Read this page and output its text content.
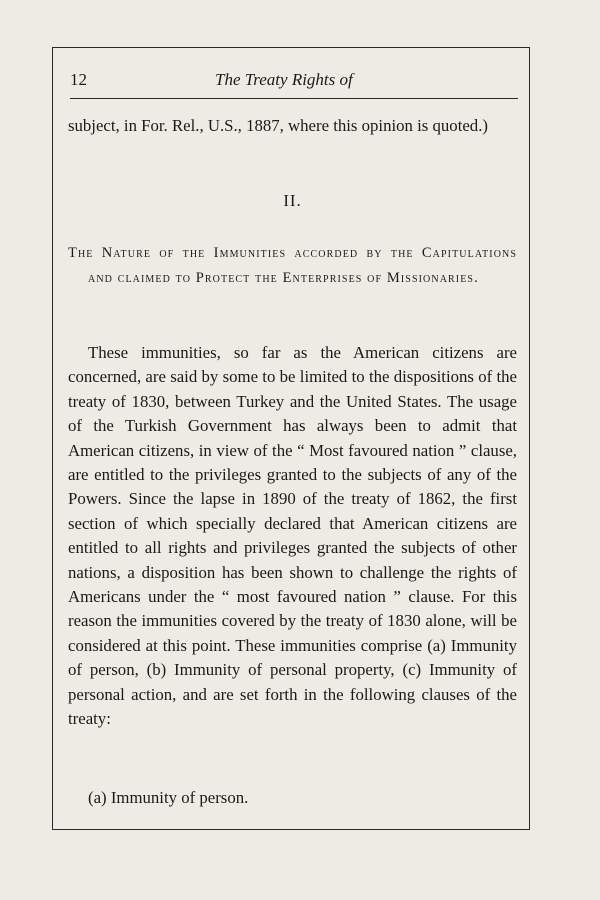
12	The Treaty Rights of

subject, in For. Rel., U.S., 1887, where this opinion is quoted.)

II.
The Nature of the Immunities accorded by the Capitulations and claimed to Protect the Enterprises of Missionaries.

These immunities, so far as the American citizens are concerned, are said by some to be limited to the dispositions of the treaty of 1830, between Turkey and the United States. The usage of the Turkish Government has always been to admit that American citizens, in view of the “ Most favoured nation ” clause, are entitled to the privileges granted to the subjects of any of the Powers. Since the lapse in 1890 of the treaty of 1862, the first section of which specially declared that American citizens are entitled to all rights and privileges granted the subjects of other nations, a disposition has been shown to challenge the rights of Americans under the “ most favoured nation ” clause. For this reason the immunities covered by the treaty of 1830 alone, will be considered at this point. These immunities comprise (a) Immunity of person, (b) Immunity of personal property, (c) Immunity of personal action, and are set forth in the following clauses of the treaty:

(a) Immunity of person.
